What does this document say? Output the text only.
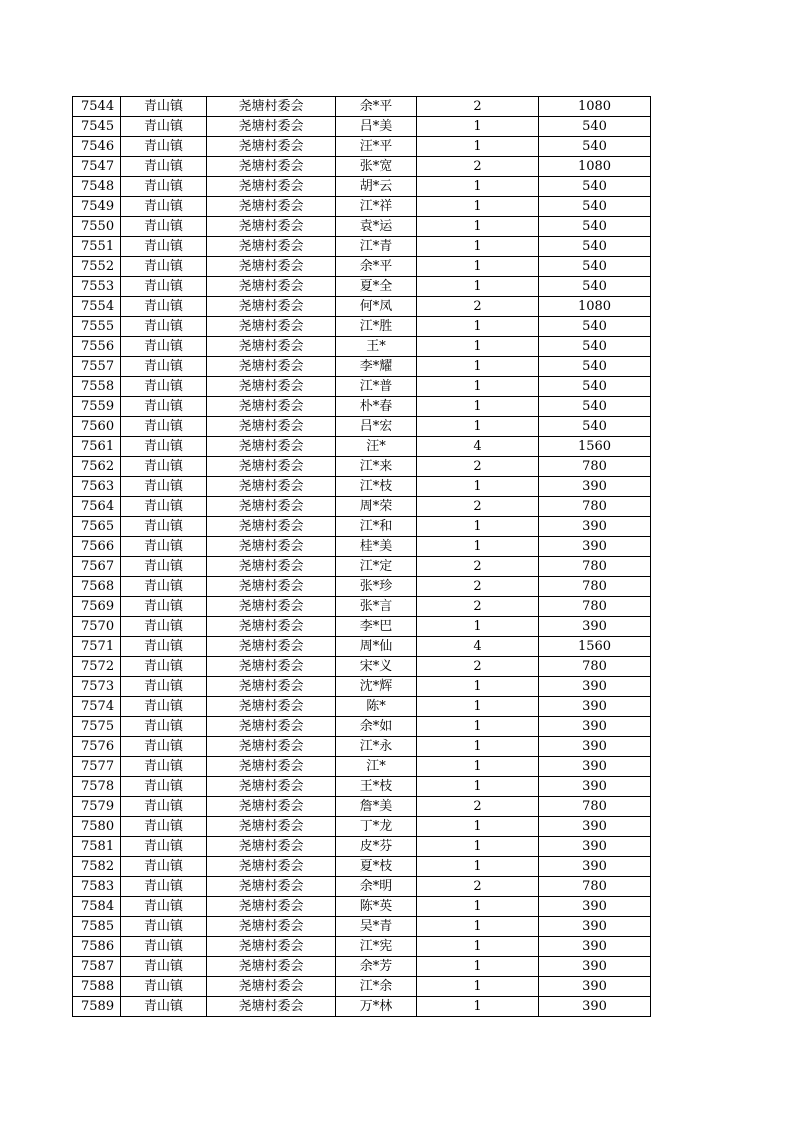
7544	青山镇	尧塘村委会	余*平	2	1080
7545	青山镇	尧塘村委会	吕*美	1	540
7546	青山镇	尧塘村委会	汪*平	1	540
7547	青山镇	尧塘村委会	张*宽	2	1080
7548	青山镇	尧塘村委会	胡*云	1	540
7549	青山镇	尧塘村委会	江*祥	1	540
7550	青山镇	尧塘村委会	袁*运	1	540
7551	青山镇	尧塘村委会	江*青	1	540
7552	青山镇	尧塘村委会	余*平	1	540
7553	青山镇	尧塘村委会	夏*全	1	540
7554	青山镇	尧塘村委会	何*凤	2	1080
7555	青山镇	尧塘村委会	江*胜	1	540
7556	青山镇	尧塘村委会	王*	1	540
7557	青山镇	尧塘村委会	李*耀	1	540
7558	青山镇	尧塘村委会	江*普	1	540
7559	青山镇	尧塘村委会	朴*春	1	540
7560	青山镇	尧塘村委会	吕*宏	1	540
7561	青山镇	尧塘村委会	汪*	4	1560
7562	青山镇	尧塘村委会	江*来	2	780
7563	青山镇	尧塘村委会	江*枝	1	390
7564	青山镇	尧塘村委会	周*荣	2	780
7565	青山镇	尧塘村委会	江*和	1	390
7566	青山镇	尧塘村委会	桂*美	1	390
7567	青山镇	尧塘村委会	江*定	2	780
7568	青山镇	尧塘村委会	张*珍	2	780
7569	青山镇	尧塘村委会	张*言	2	780
7570	青山镇	尧塘村委会	李*巴	1	390
7571	青山镇	尧塘村委会	周*仙	4	1560
7572	青山镇	尧塘村委会	宋*义	2	780
7573	青山镇	尧塘村委会	沈*辉	1	390
7574	青山镇	尧塘村委会	陈*	1	390
7575	青山镇	尧塘村委会	余*如	1	390
7576	青山镇	尧塘村委会	江*永	1	390
7577	青山镇	尧塘村委会	江*	1	390
7578	青山镇	尧塘村委会	王*枝	1	390
7579	青山镇	尧塘村委会	詹*美	2	780
7580	青山镇	尧塘村委会	丁*龙	1	390
7581	青山镇	尧塘村委会	皮*芬	1	390
7582	青山镇	尧塘村委会	夏*枝	1	390
7583	青山镇	尧塘村委会	余*明	2	780
7584	青山镇	尧塘村委会	陈*英	1	390
7585	青山镇	尧塘村委会	吴*青	1	390
7586	青山镇	尧塘村委会	江*宪	1	390
7587	青山镇	尧塘村委会	余*芳	1	390
7588	青山镇	尧塘村委会	江*余	1	390
7589	青山镇	尧塘村委会	万*林	1	390
